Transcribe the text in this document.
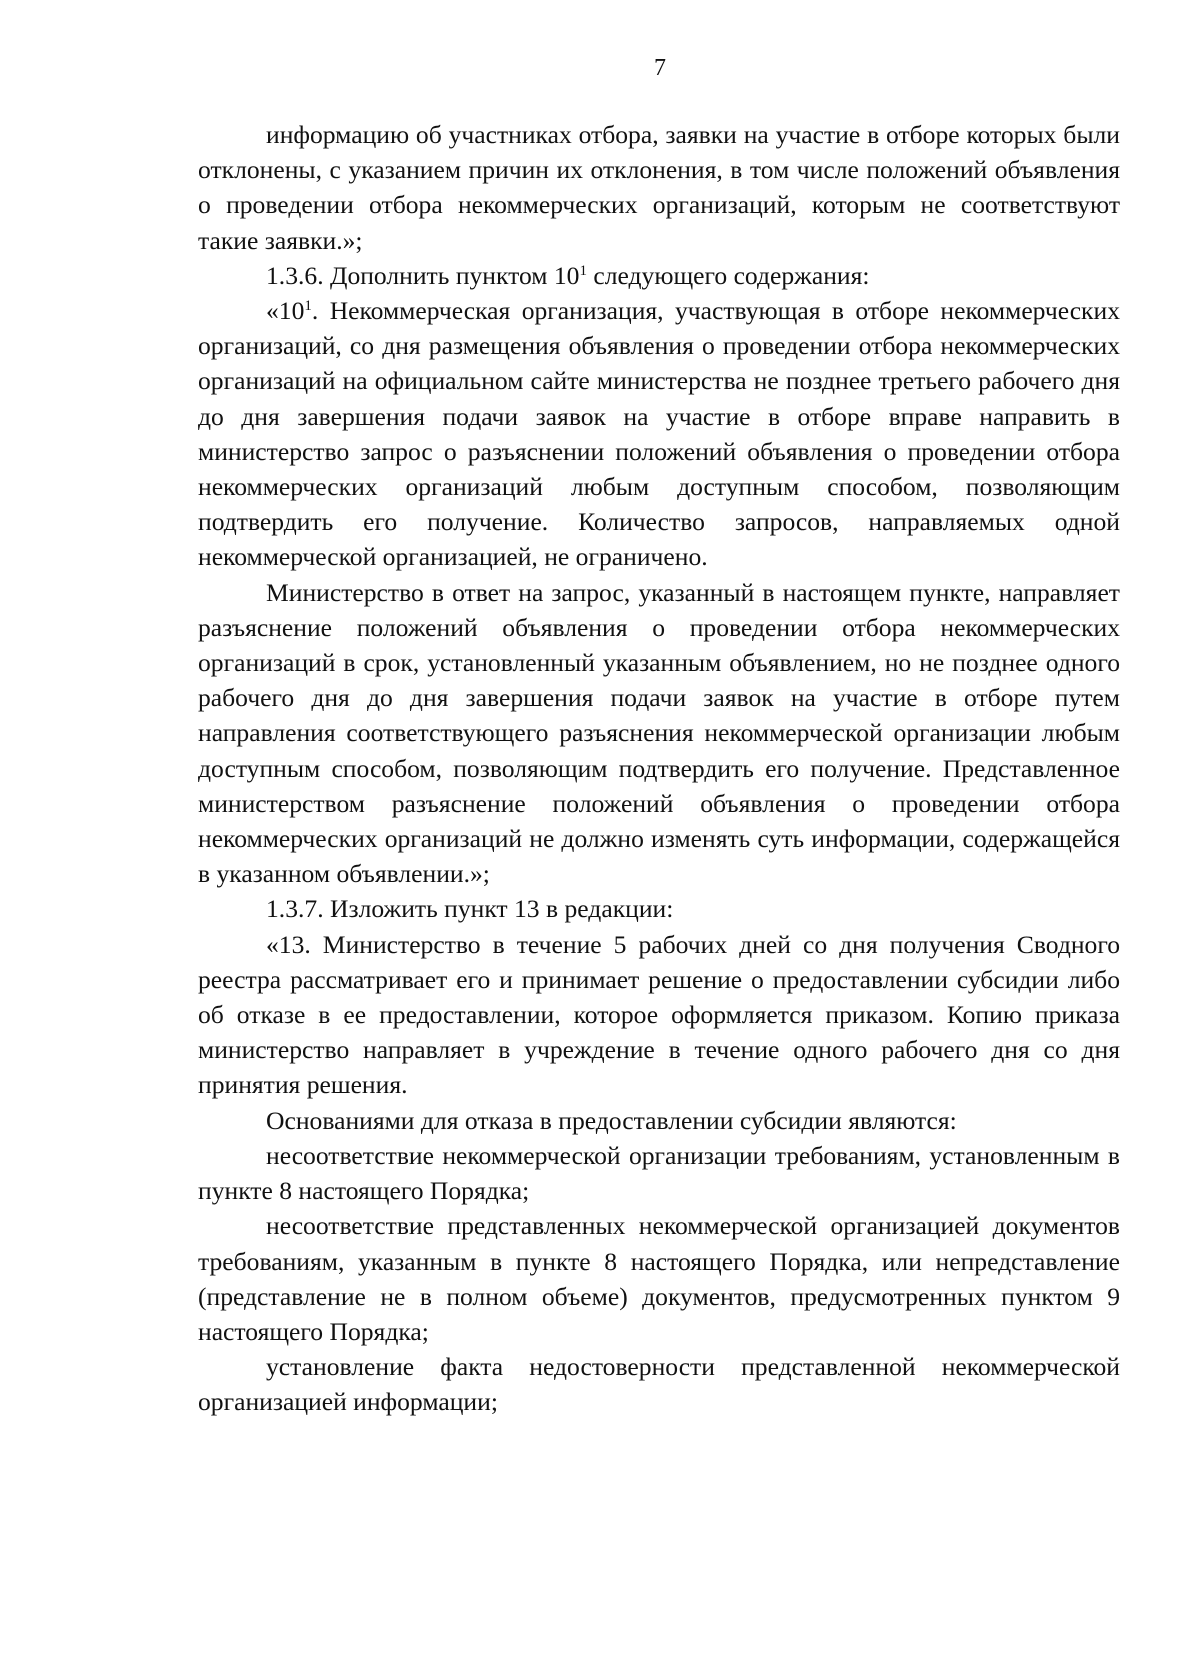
7

информацию об участниках отбора, заявки на участие в отборе которых были отклонены, с указанием причин их отклонения, в том числе положений объявления о проведении отбора некоммерческих организаций, которым не соответствуют такие заявки.»;

1.3.6. Дополнить пунктом $10^1$ следующего содержания:

«$10^1$. Некоммерческая организация, участвующая в отборе некоммерческих организаций, со дня размещения объявления о проведении отбора некоммерческих организаций на официальном сайте министерства не позднее третьего рабочего дня до дня завершения подачи заявок на участие в отборе вправе направить в министерство запрос о разъяснении положений объявления о проведении отбора некоммерческих организаций любым доступным способом, позволяющим подтвердить его получение. Количество запросов, направляемых одной некоммерческой организацией, не ограничено.

Министерство в ответ на запрос, указанный в настоящем пункте, направляет разъяснение положений объявления о проведении отбора некоммерческих организаций в срок, установленный указанным объявлением, но не позднее одного рабочего дня до дня завершения подачи заявок на участие в отборе путем направления соответствующего разъяснения некоммерческой организации любым доступным способом, позволяющим подтвердить его получение. Представленное министерством разъяснение положений объявления о проведении отбора некоммерческих организаций не должно изменять суть информации, содержащейся в указанном объявлении.»;

1.3.7. Изложить пункт 13 в редакции:

«13. Министерство в течение 5 рабочих дней со дня получения Сводного реестра рассматривает его и принимает решение о предоставлении субсидии либо об отказе в ее предоставлении, которое оформляется приказом. Копию приказа министерство направляет в учреждение в течение одного рабочего дня со дня принятия решения.

Основаниями для отказа в предоставлении субсидии являются:

несоответствие некоммерческой организации требованиям, установленным в пункте 8 настоящего Порядка;

несоответствие представленных некоммерческой организацией документов требованиям, указанным в пункте 8 настоящего Порядка, или непредставление (представление не в полном объеме) документов, предусмотренных пунктом 9 настоящего Порядка;

установление факта недостоверности представленной некоммерческой организацией информации;
